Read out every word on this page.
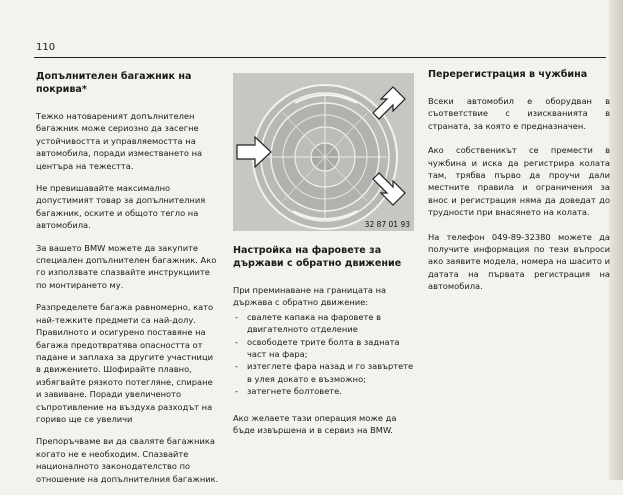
110
Допълнителен багажник на покрива*

Тежко натовареният допълнителен багажник може сериозно да засегне устойчивостта и управляемостта на автомобила, поради изместването на центъра на тежестта.

Не превишавайте максимално допустимият товар за допълнителния багажник, оските и общото тегло на автомобила.

За вашето BMW можете да закупите специален допълнителен багажник. Ако го използвате спазвайте инструкциите по монтирането му.

Разпределете багажа равномерно, като най-тежките предмети са най-долу. Правилното и осигурено поставяне на багажа предотвратява опасността от падане и заплаха за другите участници в движението. Шофирайте плавно, избягвайте рязкото потегляне, спиране и завиване. Поради увеличеното съпротивление на въздуха разходът на гориво ще се увеличи

Препоръчваме ви да сваляте багажника когато не е необходим. Спазвайте националното законодателство по отношение на допълнителния багажник.

32 87 01 93
Настройка на фаровете за държави с обратно движение

При преминаване на границата на държава с обратно движение:

- свалете капака на фаровете в двигателното отделение
- освободете трите болта в задната част на фара;
- изтеглете фара назад и го завъртете в улея докато е възможно;
- затегнете болтовете.

Ако желаете тази операция може да бъде извършена и в сервиз на BMW.

Перерегистрация в чужбина

Всеки автомобил е оборудван в съответствие с изискванията в страната, за която е предназначен.

Ако собственикът се премести в чужбина и иска да регистрира колата там, трябва първо да проучи дали местните правила и ограничения за внос и регистрация няма да доведат до трудности при внасянето на колата.

На телефон 049-89-32380 можете да получите информация по тези въпроси ако заявите модела, номера на шасито и датата на първата регистрация на автомобила.
